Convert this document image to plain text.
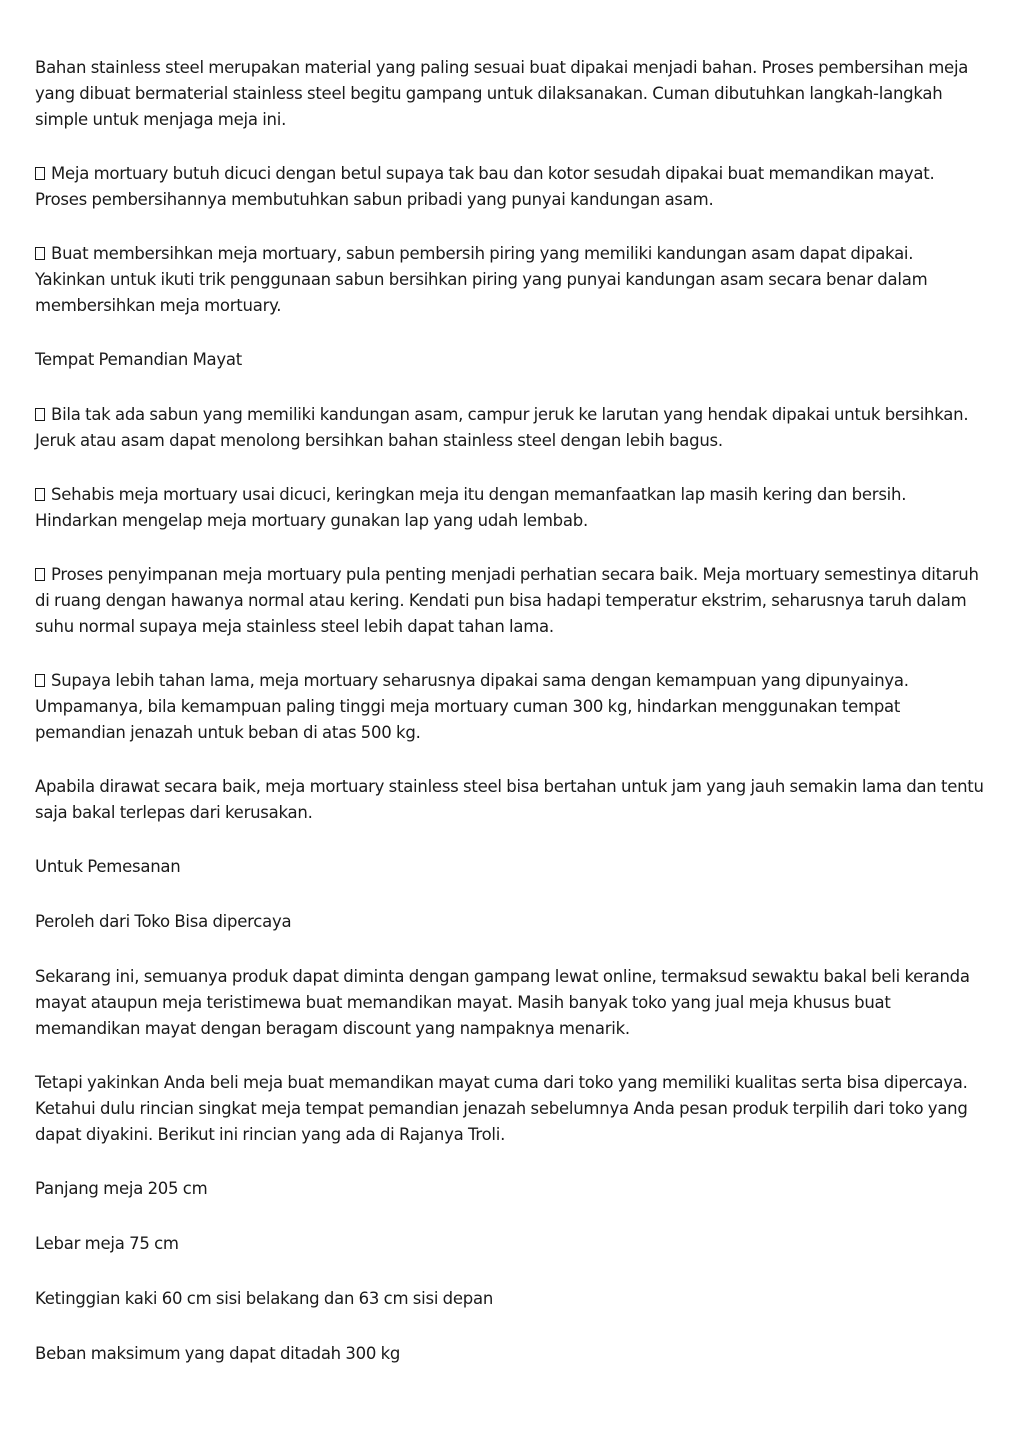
Bahan stainless steel merupakan material yang paling sesuai buat dipakai menjadi bahan. Proses pembersihan meja yang dibuat bermaterial stainless steel begitu gampang untuk dilaksanakan. Cuman dibutuhkan langkah-langkah simple untuk menjaga meja ini.

Meja mortuary butuh dicuci dengan betul supaya tak bau dan kotor sesudah dipakai buat memandikan mayat. Proses pembersihannya membutuhkan sabun pribadi yang punyai kandungan asam.

Buat membersihkan meja mortuary, sabun pembersih piring yang memiliki kandungan asam dapat dipakai. Yakinkan untuk ikuti trik penggunaan sabun bersihkan piring yang punyai kandungan asam secara benar dalam membersihkan meja mortuary.

Tempat Pemandian Mayat

Bila tak ada sabun yang memiliki kandungan asam, campur jeruk ke larutan yang hendak dipakai untuk bersihkan. Jeruk atau asam dapat menolong bersihkan bahan stainless steel dengan lebih bagus.

Sehabis meja mortuary usai dicuci, keringkan meja itu dengan memanfaatkan lap masih kering dan bersih. Hindarkan mengelap meja mortuary gunakan lap yang udah lembab.

Proses penyimpanan meja mortuary pula penting menjadi perhatian secara baik. Meja mortuary semestinya ditaruh di ruang dengan hawanya normal atau kering. Kendati pun bisa hadapi temperatur ekstrim, seharusnya taruh dalam suhu normal supaya meja stainless steel lebih dapat tahan lama.

Supaya lebih tahan lama, meja mortuary seharusnya dipakai sama dengan kemampuan yang dipunyainya. Umpamanya, bila kemampuan paling tinggi meja mortuary cuman 300 kg, hindarkan menggunakan tempat pemandian jenazah untuk beban di atas 500 kg.

Apabila dirawat secara baik, meja mortuary stainless steel bisa bertahan untuk jam yang jauh semakin lama dan tentu saja bakal terlepas dari kerusakan.

Untuk Pemesanan

Peroleh dari Toko Bisa dipercaya

Sekarang ini, semuanya produk dapat diminta dengan gampang lewat online, termaksud sewaktu bakal beli keranda mayat ataupun meja teristimewa buat memandikan mayat. Masih banyak toko yang jual meja khusus buat memandikan mayat dengan beragam discount yang nampaknya menarik.

Tetapi yakinkan Anda beli meja buat memandikan mayat cuma dari toko yang memiliki kualitas serta bisa dipercaya. Ketahui dulu rincian singkat meja tempat pemandian jenazah sebelumnya Anda pesan produk terpilih dari toko yang dapat diyakini. Berikut ini rincian yang ada di Rajanya Troli.

Panjang meja 205 cm

Lebar meja 75 cm

Ketinggian kaki 60 cm sisi belakang dan 63 cm sisi depan

Beban maksimum yang dapat ditadah 300 kg
